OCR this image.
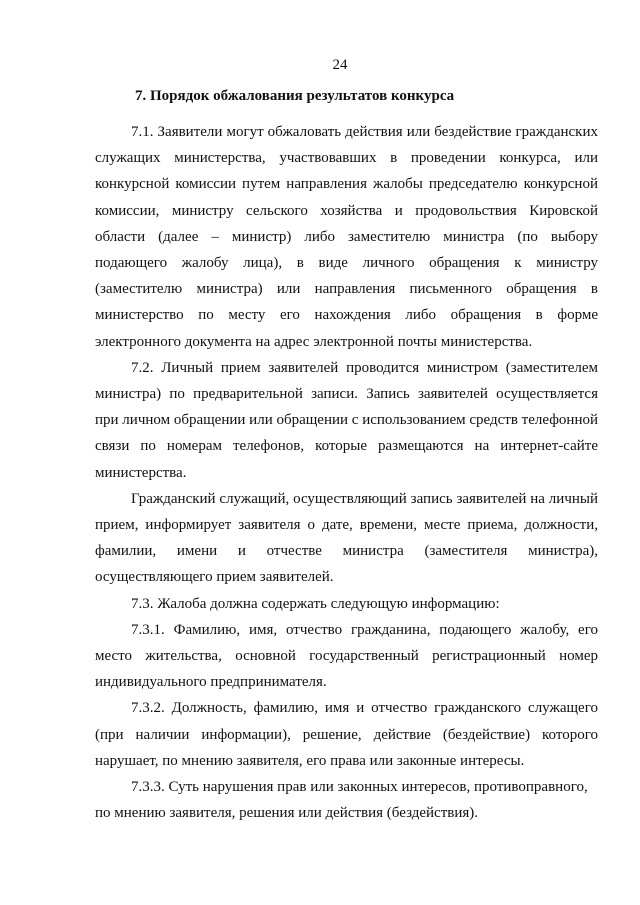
24
7. Порядок обжалования результатов конкурса

7.1. Заявители могут обжаловать действия или бездействие гражданских служащих министерства, участвовавших в проведении конкурса, или конкурсной комиссии путем направления жалобы председателю конкурсной комиссии, министру сельского хозяйства и продовольствия Кировской области (далее – министр) либо заместителю министра (по выбору подающего жалобу лица), в виде личного обращения к министру (заместителю министра) или направления письменного обращения в министерство по месту его нахождения либо обращения в форме электронного документа на адрес электронной почты министерства.

7.2. Личный прием заявителей проводится министром (заместителем министра) по предварительной записи. Запись заявителей осуществляется при личном обращении или обращении с использованием средств телефонной связи по номерам телефонов, которые размещаются на интернет-сайте министерства.

Гражданский служащий, осуществляющий запись заявителей на личный прием, информирует заявителя о дате, времени, месте приема, должности, фамилии, имени и отчестве министра (заместителя министра), осуществляющего прием заявителей.

7.3. Жалоба должна содержать следующую информацию:

7.3.1. Фамилию, имя, отчество гражданина, подающего жалобу, его место жительства, основной государственный регистрационный номер индивидуального предпринимателя.

7.3.2. Должность, фамилию, имя и отчество гражданского служащего (при наличии информации), решение, действие (бездействие) которого нарушает, по мнению заявителя, его права или законные интересы.

7.3.3. Суть нарушения прав или законных интересов, противоправного, по мнению заявителя, решения или действия (бездействия).
